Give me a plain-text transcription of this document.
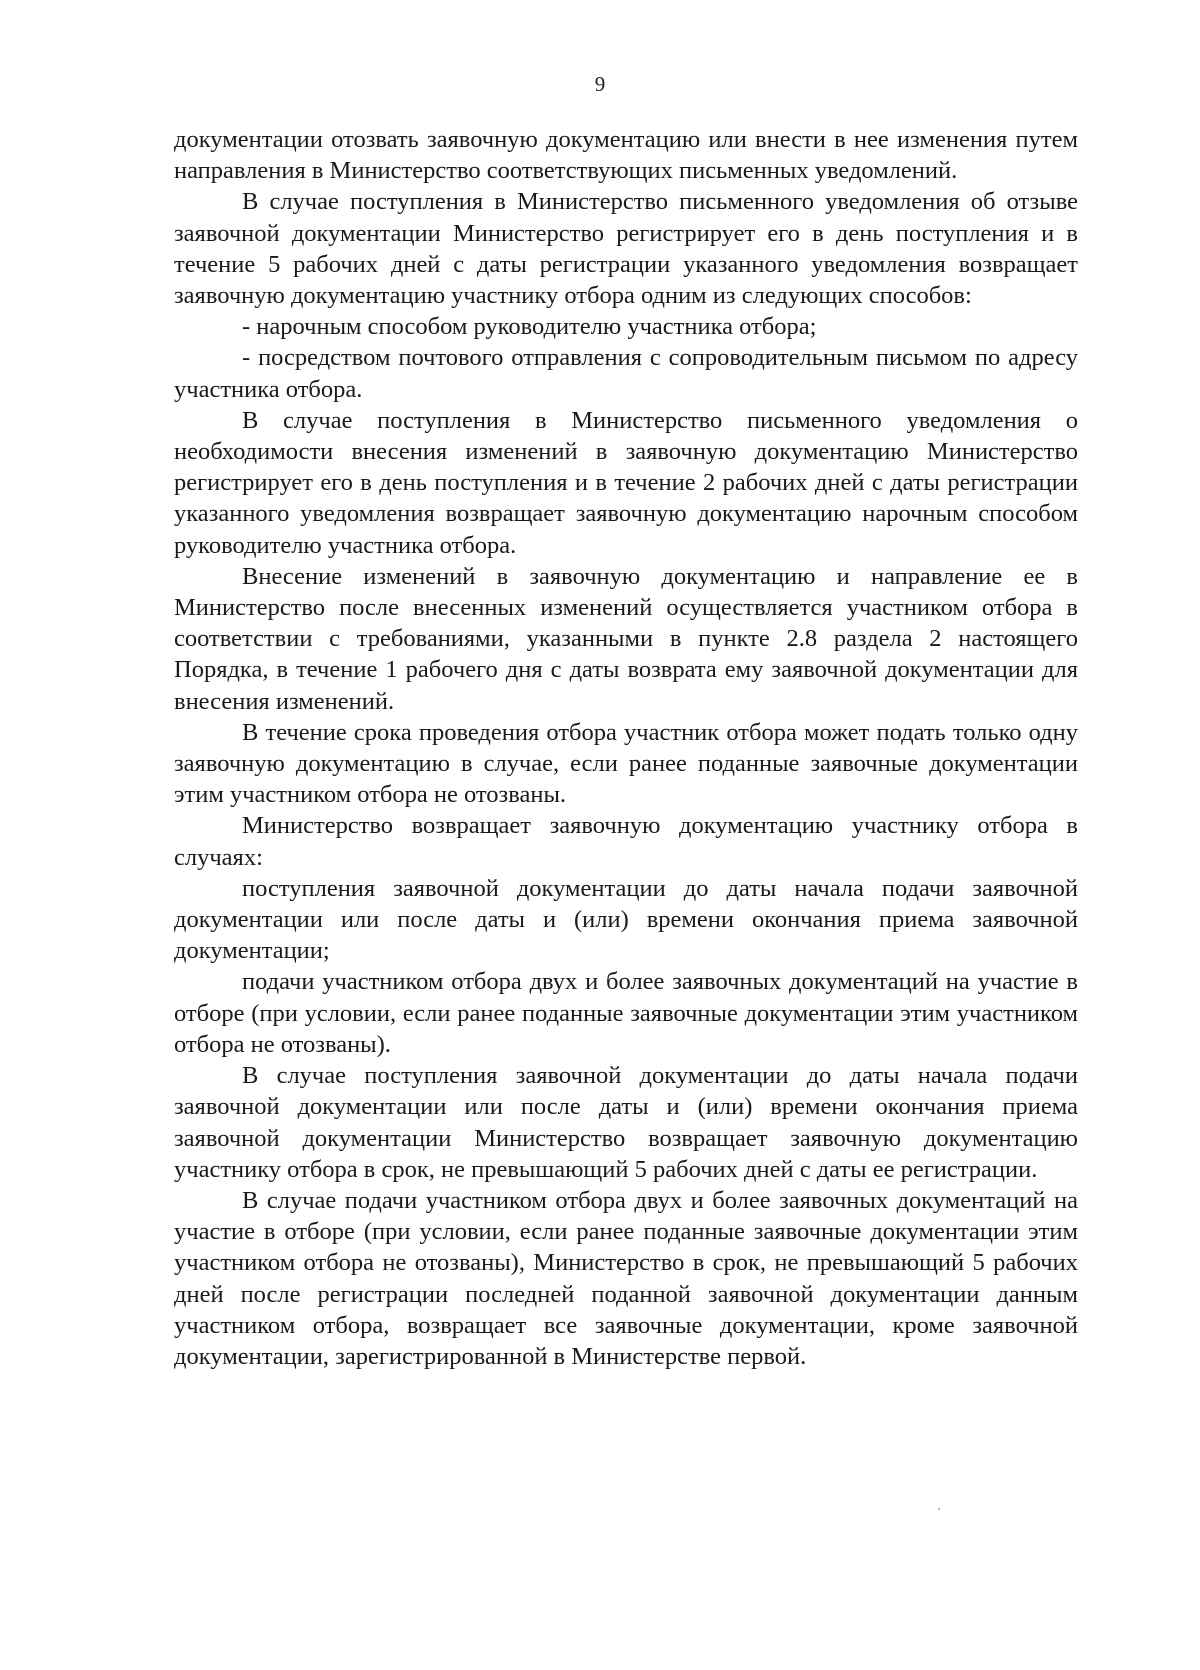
9

документации отозвать заявочную документацию или внести в нее изменения путем направления в Министерство соответствующих письменных уведомлений.

В случае поступления в Министерство письменного уведомления об отзыве заявочной документации Министерство регистрирует его в день поступления и в течение 5 рабочих дней с даты регистрации указанного уведомления возвращает заявочную документацию участнику отбора одним из следующих способов:

- нарочным способом руководителю участника отбора;

- посредством почтового отправления с сопроводительным письмом по адресу участника отбора.

В случае поступления в Министерство письменного уведомления о необходимости внесения изменений в заявочную документацию Министерство регистрирует его в день поступления и в течение 2 рабочих дней с даты регистрации указанного уведомления возвращает заявочную документацию нарочным способом руководителю участника отбора.

Внесение изменений в заявочную документацию и направление ее в Министерство после внесенных изменений осуществляется участником отбора в соответствии с требованиями, указанными в пункте 2.8 раздела 2 настоящего Порядка, в течение 1 рабочего дня с даты возврата ему заявочной документации для внесения изменений.

В течение срока проведения отбора участник отбора может подать только одну заявочную документацию в случае, если ранее поданные заявочные документации этим участником отбора не отозваны.

Министерство возвращает заявочную документацию участнику отбора в случаях:

поступления заявочной документации до даты начала подачи заявочной документации или после даты и (или) времени окончания приема заявочной документации;

подачи участником отбора двух и более заявочных документаций на участие в отборе (при условии, если ранее поданные заявочные документации этим участником отбора не отозваны).

В случае поступления заявочной документации до даты начала подачи заявочной документации или после даты и (или) времени окончания приема заявочной документации Министерство возвращает заявочную документацию участнику отбора в срок, не превышающий 5 рабочих дней с даты ее регистрации.

В случае подачи участником отбора двух и более заявочных документаций на участие в отборе (при условии, если ранее поданные заявочные документации этим участником отбора не отозваны), Министерство в срок, не превышающий 5 рабочих дней после регистрации последней поданной заявочной документации данным участником отбора, возвращает все заявочные документации, кроме заявочной документации, зарегистрированной в Министерстве первой.
